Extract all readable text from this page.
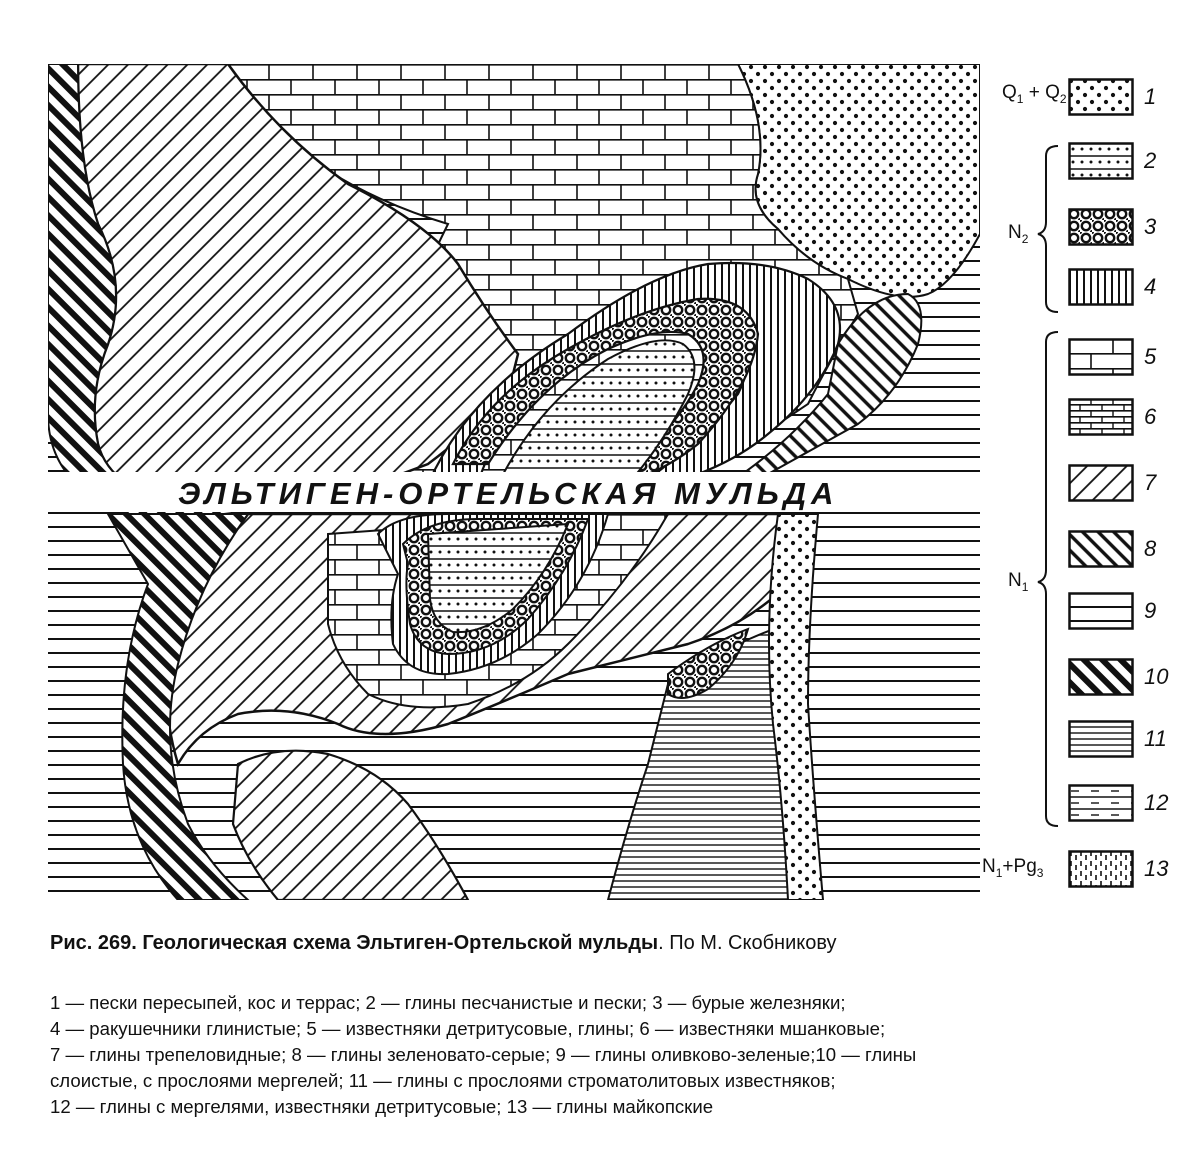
ЭЛЬТИГЕН-ОРТЕЛЬСКАЯ МУЛЬДА
$Q_1 + Q_2$
$N_2$
$N_1$
$N_1+Pg_3$
1
2
3
4
5
6
7
8
9
10
11
12
13
Рис. 269. Геологическая схема Эльтиген-Ортельской мульды. По М. Скобникову
1 — пески пересыпей, кос и террас; 2 — глины песчанистые и пески; 3 — бурые железняки;
4 — ракушечники глинистые; 5 — известняки детритусовые, глины; 6 — известняки мшанковые;
7 — глины трепеловидные; 8 — глины зеленовато-серые; 9 — глины оливково-зеленые;10 — глины
слоистые, с прослоями мергелей; 11 — глины с прослоями строматолитовых известняков;
12 — глины с мергелями, известняки детритусовые; 13 — глины майкопские
